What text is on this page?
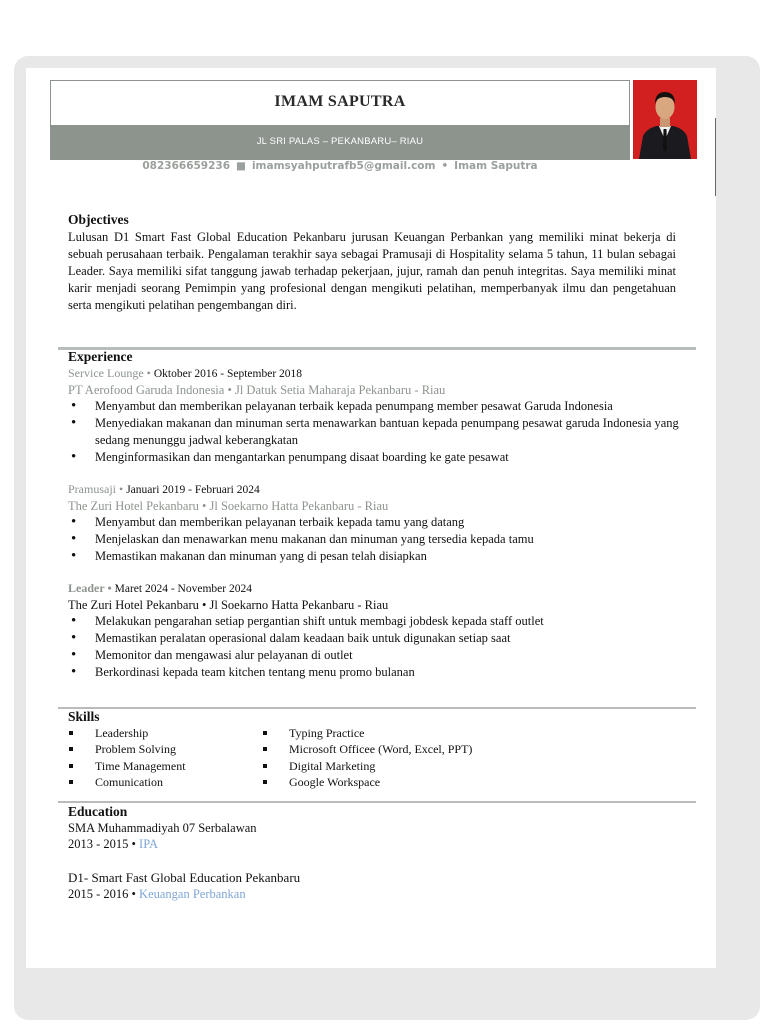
IMAM SAPUTRA
JL SRI PALAS – PEKANBARU– RIAU
082366659236 ■ imamsyahputrafb5@gmail.com • Imam Saputra
Objectives

Lulusan D1 Smart Fast Global Education Pekanbaru jurusan Keuangan Perbankan yang memiliki minat bekerja di sebuah perusahaan terbaik. Pengalaman terakhir saya sebagai Pramusaji di Hospitality selama 5 tahun, 11 bulan sebagai Leader. Saya memiliki sifat tanggung jawab terhadap pekerjaan, jujur, ramah dan penuh integritas. Saya memiliki minat karir menjadi seorang Pemimpin yang profesional dengan mengikuti pelatihan, memperbanyak ilmu dan pengetahuan serta mengikuti pelatihan pengembangan diri.

Experience
Service Lounge • Oktober 2016 - September 2018
PT Aerofood Garuda Indonesia • Jl Datuk Setia Maharaja Pekanbaru - Riau
• Menyambut dan memberikan pelayanan terbaik kepada penumpang member pesawat Garuda Indonesia
• Menyediakan makanan dan minuman serta menawarkan bantuan kepada penumpang pesawat garuda Indonesia yang sedang menunggu jadwal keberangkatan
• Menginformasikan dan mengantarkan penumpang disaat boarding ke gate pesawat
Pramusaji • Januari 2019 - Februari 2024
The Zuri Hotel Pekanbaru • Jl Soekarno Hatta Pekanbaru - Riau
• Menyambut dan memberikan pelayanan terbaik kepada tamu yang datang
• Menjelaskan dan menawarkan menu makanan dan minuman yang tersedia kepada tamu
• Memastikan makanan dan minuman yang di pesan telah disiapkan
Leader • Maret 2024 - November 2024
The Zuri Hotel Pekanbaru • Jl Soekarno Hatta Pekanbaru - Riau
• Melakukan pengarahan setiap pergantian shift untuk membagi jobdesk kepada staff outlet
• Memastikan peralatan operasional dalam keadaan baik untuk digunakan setiap saat
• Memonitor dan mengawasi alur pelayanan di outlet
• Berkordinasi kepada team kitchen tentang menu promo bulanan
Skills
Leadership
Problem Solving
Time Management
Comunication
Typing Practice
Microsoft Officee (Word, Excel, PPT)
Digital Marketing
Google Workspace
Education
SMA Muhammadiyah 07 Serbalawan
2013 - 2015 • IPA
D1- Smart Fast Global Education Pekanbaru
2015 - 2016 • Keuangan Perbankan
